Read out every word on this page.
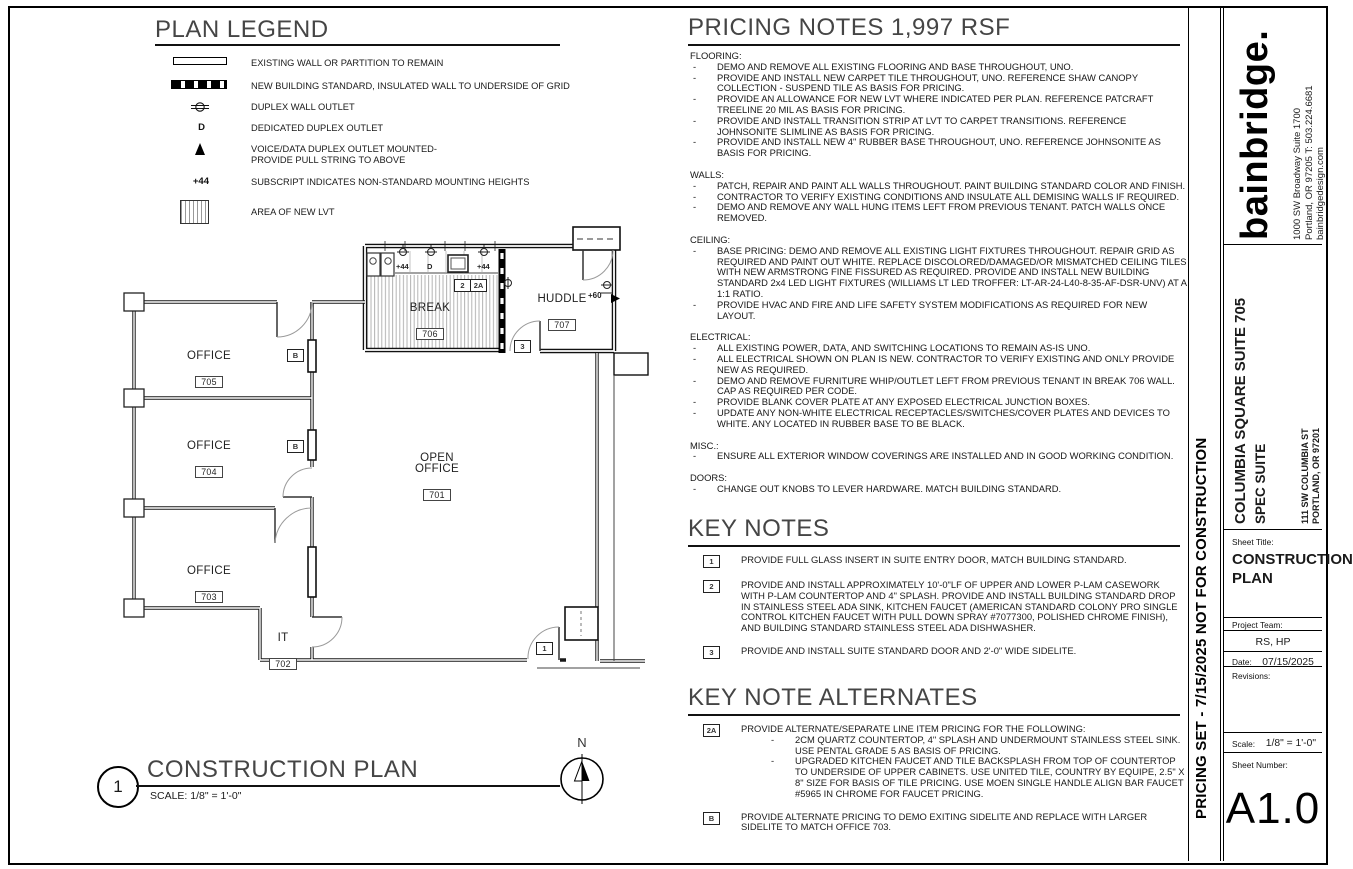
PLAN LEGEND
EXISTING WALL OR PARTITION TO REMAIN
NEW BUILDING STANDARD, INSULATED WALL TO UNDERSIDE OF GRID
DUPLEX WALL OUTLET
D	DEDICATED DUPLEX OUTLET
VOICE/DATA DUPLEX OUTLET MOUNTED-
PROVIDE PULL STRING TO ABOVE
+44	SUBSCRIPT INDICATES NON-STANDARD MOUNTING HEIGHTS
AREA OF NEW LVT

OFFICE

705

OFFICE

704

OFFICE

703

IT

702

OPEN
OFFICE

701

BREAK

706

HUDDLE

707

2	2A
3
1
B
B
+44 D	+44
+60
1
CONSTRUCTION PLAN
SCALE: 1/8" = 1'-0"
N
PRICING NOTES 1,997 RSF
FLOORING:
- DEMO AND REMOVE ALL EXISTING FLOORING AND BASE THROUGHOUT, UNO.
- PROVIDE AND INSTALL NEW CARPET TILE THROUGHOUT, UNO. REFERENCE SHAW CANOPY COLLECTION - SUSPEND TILE AS BASIS FOR PRICING.
- PROVIDE AN ALLOWANCE FOR NEW LVT WHERE INDICATED PER PLAN. REFERENCE PATCRAFT TREELINE 20 MIL AS BASIS FOR PRICING.
- PROVIDE AND INSTALL TRANSITION STRIP AT LVT TO CARPET TRANSITIONS. REFERENCE JOHNSONITE SLIMLINE AS BASIS FOR PRICING.
- PROVIDE AND INSTALL NEW 4" RUBBER BASE THROUGHOUT, UNO. REFERENCE JOHNSONITE AS BASIS FOR PRICING.
WALLS:
- PATCH, REPAIR AND PAINT ALL WALLS THROUGHOUT. PAINT BUILDING STANDARD COLOR AND FINISH.
- CONTRACTOR TO VERIFY EXISTING CONDITIONS AND INSULATE ALL DEMISING WALLS IF REQUIRED.
- DEMO AND REMOVE ANY WALL HUNG ITEMS LEFT FROM PREVIOUS TENANT. PATCH WALLS ONCE REMOVED.
CEILING:
- BASE PRICING: DEMO AND REMOVE ALL EXISTING LIGHT FIXTURES THROUGHOUT. REPAIR GRID AS REQUIRED AND PAINT OUT WHITE. REPLACE DISCOLORED/DAMAGED/OR MISMATCHED CEILING TILES WITH NEW ARMSTRONG FINE FISSURED AS REQUIRED. PROVIDE AND INSTALL NEW BUILDING STANDARD 2x4 LED LIGHT FIXTURES (WILLIAMS LT LED TROFFER: LT-AR-24-L40-8-35-AF-DSR-UNV) AT A 1:1 RATIO.
- PROVIDE HVAC AND FIRE AND LIFE SAFETY SYSTEM MODIFICATIONS AS REQUIRED FOR NEW LAYOUT.
ELECTRICAL:
- ALL EXISTING POWER, DATA, AND SWITCHING LOCATIONS TO REMAIN AS-IS UNO.
- ALL ELECTRICAL SHOWN ON PLAN IS NEW. CONTRACTOR TO VERIFY EXISTING AND ONLY PROVIDE NEW AS REQUIRED.
- DEMO AND REMOVE FURNITURE WHIP/OUTLET LEFT FROM PREVIOUS TENANT IN BREAK 706 WALL. CAP AS REQUIRED PER CODE.
- PROVIDE BLANK COVER PLATE AT ANY EXPOSED ELECTRICAL JUNCTION BOXES.
- UPDATE ANY NON-WHITE ELECTRICAL RECEPTACLES/SWITCHES/COVER PLATES AND DEVICES TO WHITE. ANY LOCATED IN RUBBER BASE TO BE BLACK.
MISC.:
- ENSURE ALL EXTERIOR WINDOW COVERINGS ARE INSTALLED AND IN GOOD WORKING CONDITION.
DOORS:
- CHANGE OUT KNOBS TO LEVER HARDWARE. MATCH BUILDING STANDARD.
KEY NOTES
1	PROVIDE FULL GLASS INSERT IN SUITE ENTRY DOOR, MATCH BUILDING STANDARD.
2	PROVIDE AND INSTALL APPROXIMATELY 10'-0"LF OF UPPER AND LOWER P-LAM CASEWORK WITH P-LAM COUNTERTOP AND 4" SPLASH. PROVIDE AND INSTALL BUILDING STANDARD DROP IN STAINLESS STEEL ADA SINK, KITCHEN FAUCET (AMERICAN STANDARD COLONY PRO SINGLE CONTROL KITCHEN FAUCET WITH PULL DOWN SPRAY #7077300, POLISHED CHROME FINISH), AND BUILDING STANDARD STAINLESS STEEL ADA DISHWASHER.
3	PROVIDE AND INSTALL SUITE STANDARD DOOR AND 2'-0" WIDE SIDELITE.
KEY NOTE ALTERNATES
2A	PROVIDE ALTERNATE/SEPARATE LINE ITEM PRICING FOR THE FOLLOWING:
- 2CM QUARTZ COUNTERTOP, 4" SPLASH AND UNDERMOUNT STAINLESS STEEL SINK. USE PENTAL GRADE 5 AS BASIS OF PRICING.
- UPGRADED KITCHEN FAUCET AND TILE BACKSPLASH FROM TOP OF COUNTERTOP TO UNDERSIDE OF UPPER CABINETS. USE UNITED TILE, COUNTRY BY EQUIPE, 2.5" X 8" SIZE FOR BASIS OF TILE PRICING. USE MOEN SINGLE HANDLE ALIGN BAR FAUCET #5965 IN CHROME FOR FAUCET PRICING.
B	PROVIDE ALTERNATE PRICING TO DEMO EXITING SIDELITE AND REPLACE WITH LARGER SIDELITE TO MATCH OFFICE 703.
PRICING SET - 7/15/2025 NOT FOR CONSTRUCTION	Sheet Title:
CONSTRUCTION PLAN
Project Team:
RS, HP
Date: 07/15/2025
Revisions:
Scale: 1/8" = 1'-0"
Sheet Number:
A1.0
bainbridge. 1000 SW Broadway Suite 1700 Portland, OR 97205 T: 503.224.6681 bainbridgedesign.com
COLUMBIA SQUARE SUITE 705 SPEC SUITE	111 SW COLUMBIA ST PORTLAND, OR 97201
